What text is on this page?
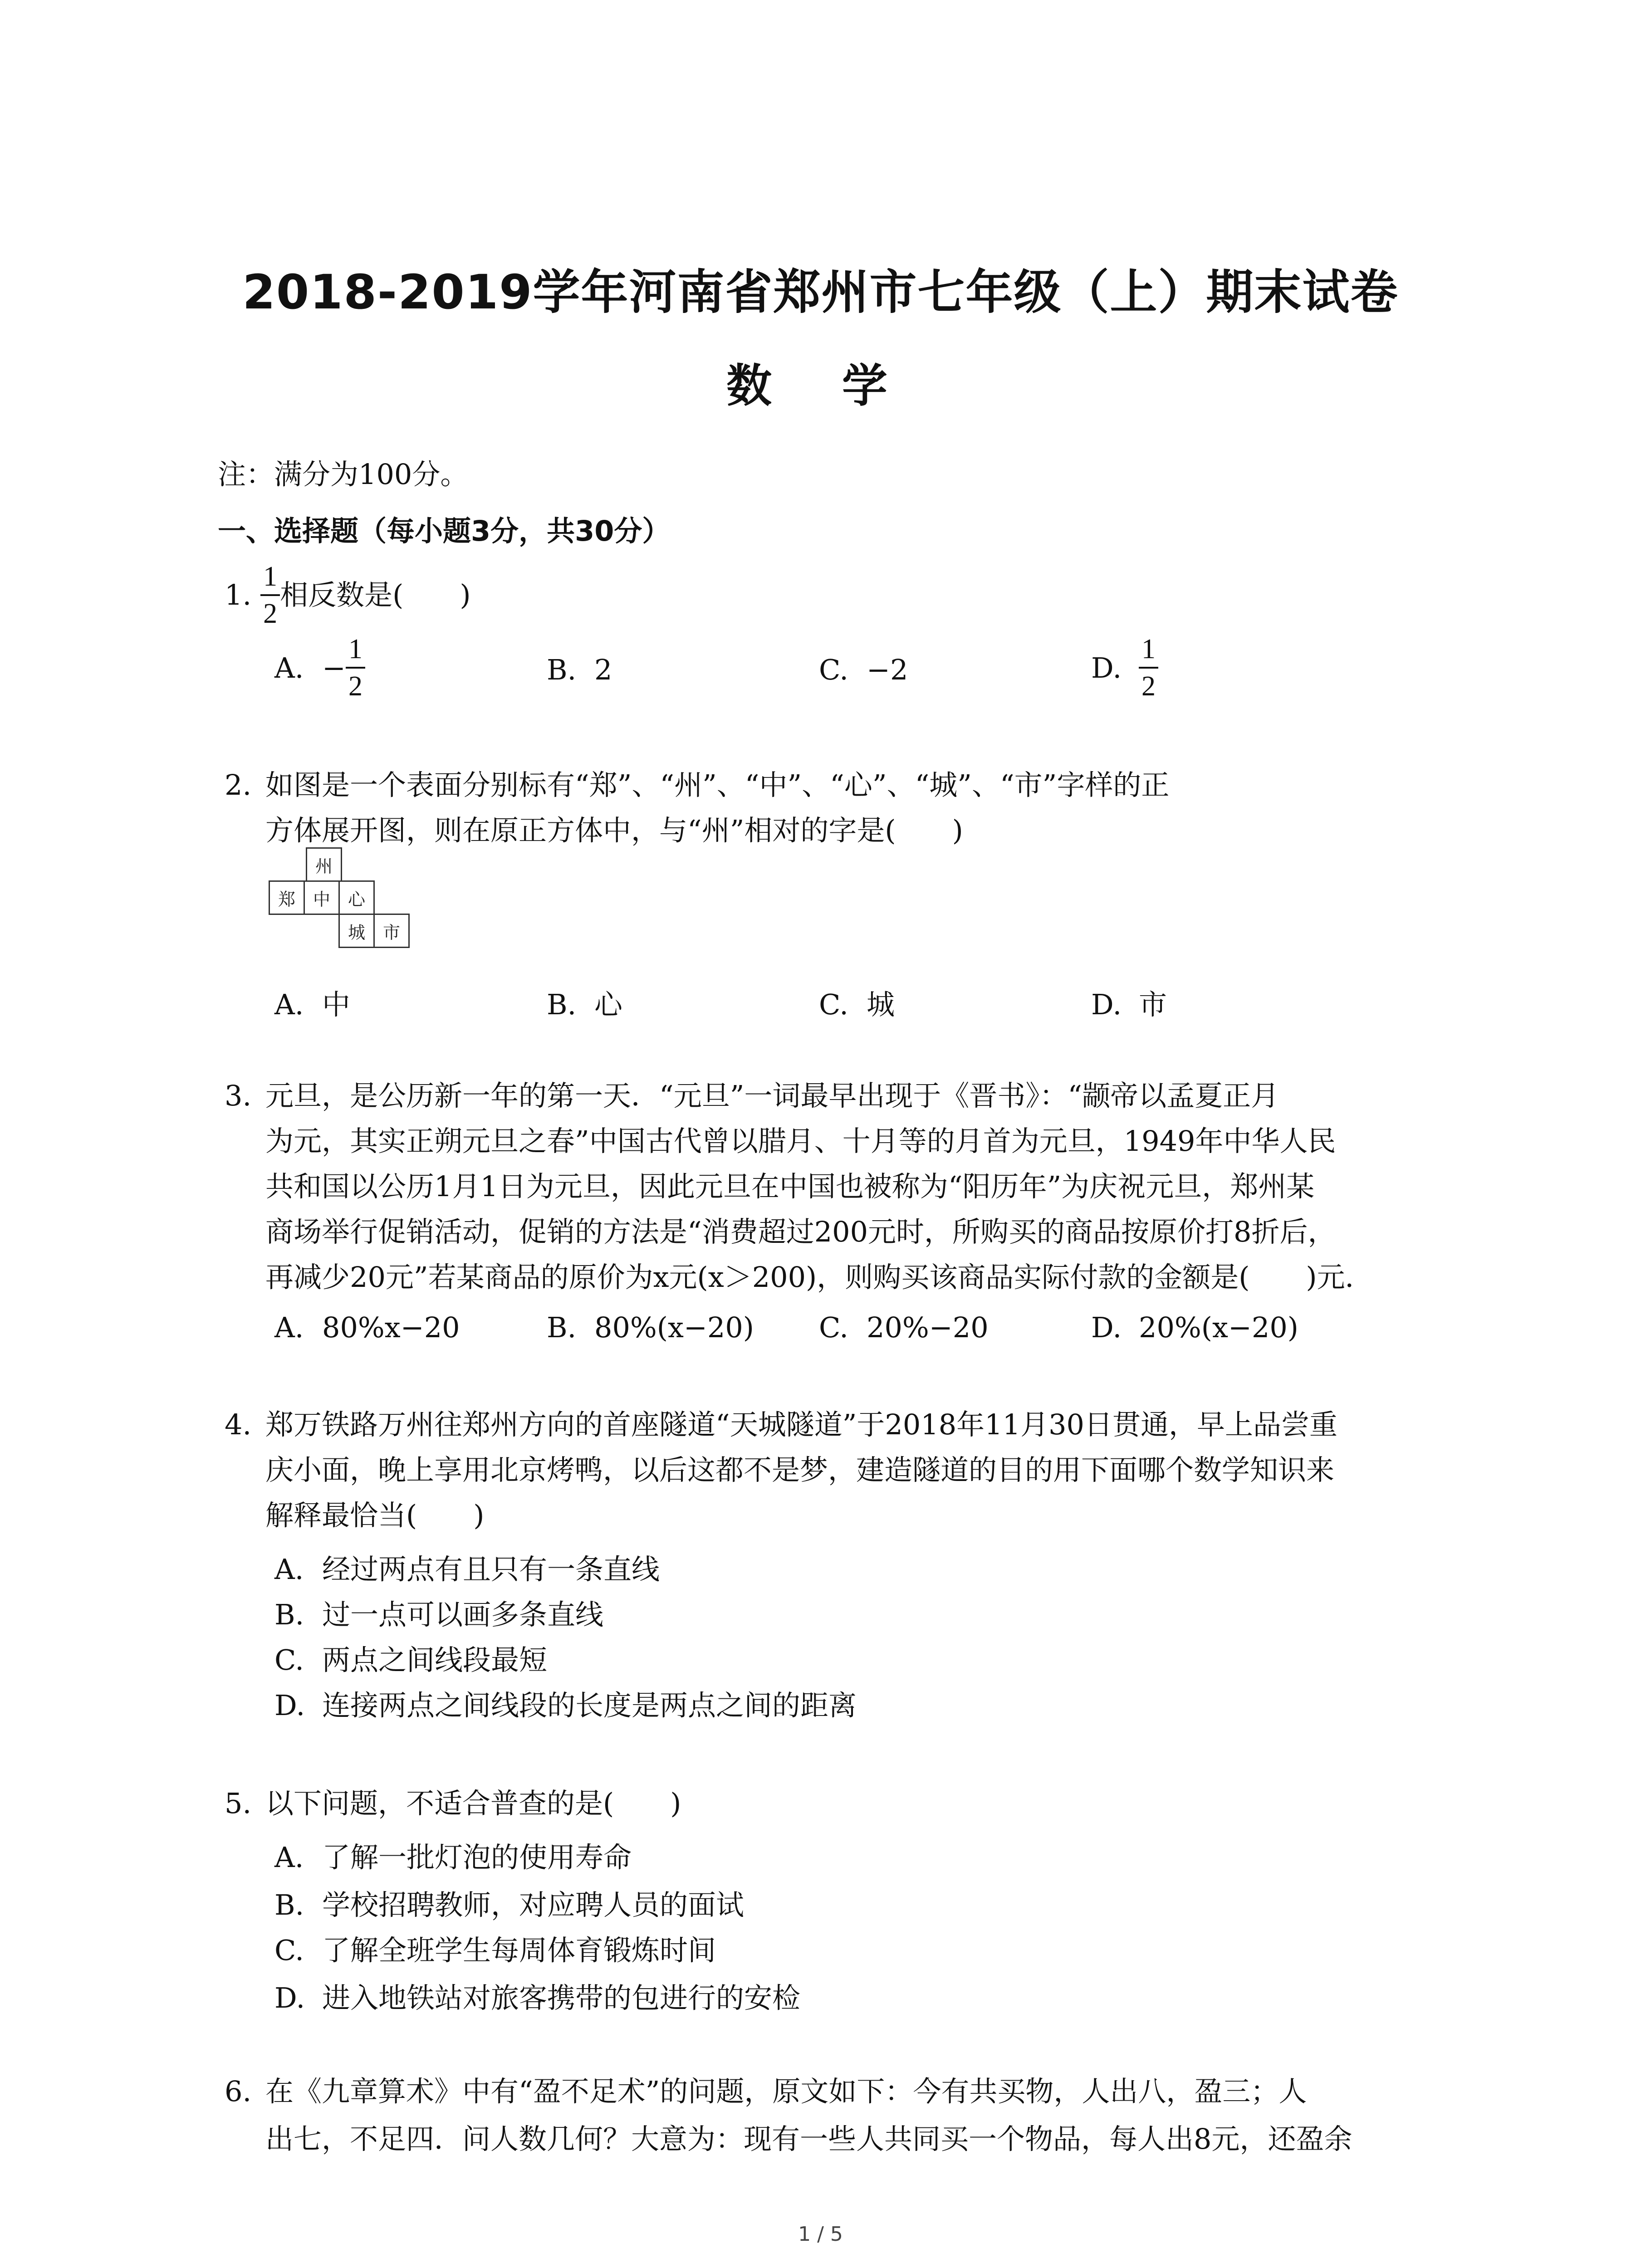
2018-2019学年河南省郑州市七年级（上）期末试卷
数 学
注：满分为100分。
一、选择题（每小题3分，共30分）
1. $\frac{1}{2}$ 相反数是(　　)
A. − $\frac{1}{2}$	B. 2	C. −2	D. $\frac{1}{2}$
2. 如图是一个表面分别标有“郑”、“州”、“中”、“心”、“城”、“市”字样的正
方体展开图，则在原正方体中，与“州”相对的字是(　　)
州
郑	中	心
城	市
A. 中	B. 心	C. 城	D. 市
3. 元旦，是公历新一年的第一天．“元旦”一词最早出现于《晋书》：“颛帝以孟夏正月
为元，其实正朔元旦之春”中国古代曾以腊月、十月等的月首为元旦，1949年中华人民
共和国以公历1月1日为元旦，因此元旦在中国也被称为“阳历年”为庆祝元旦，郑州某
商场举行促销活动，促销的方法是“消费超过200元时，所购买的商品按原价打8折后，
再减少20元”若某商品的原价为x元(x＞200)，则购买该商品实际付款的金额是(　　)元．
A. 80%x−20	B. 80%(x−20) C. 20%−20	D. 20%(x−20)
4. 郑万铁路万州往郑州方向的首座隧道“天城隧道”于2018年11月30日贯通，早上品尝重
庆小面，晚上享用北京烤鸭，以后这都不是梦，建造隧道的目的用下面哪个数学知识来
解释最恰当(　　)
A. 经过两点有且只有一条直线
B. 过一点可以画多条直线
C. 两点之间线段最短
D. 连接两点之间线段的长度是两点之间的距离
5. 以下问题，不适合普查的是(　　)
A. 了解一批灯泡的使用寿命
B. 学校招聘教师，对应聘人员的面试
C. 了解全班学生每周体育锻炼时间
D. 进入地铁站对旅客携带的包进行的安检
6. 在《九章算术》中有“盈不足术”的问题，原文如下：今有共买物，人出八，盈三；人
出七，不足四．问人数几何？大意为：现有一些人共同买一个物品，每人出8元，还盈余
1 / 5
